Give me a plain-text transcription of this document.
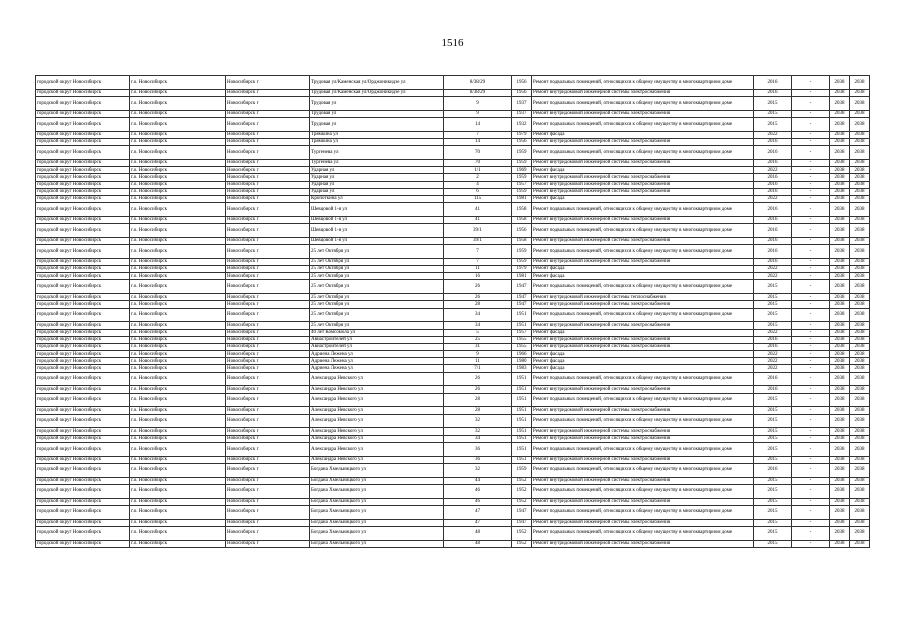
1516
городской округ Новосибирск	г.о. Новосибирск	Новосибирск г	Трудовая ул/Каменская ул/Орджоникидзе ул	8/38/29	1956	Ремонт подвальных помещений, относящихся к общему имуществу в многоквартирном доме	2016	-	2038	2038
городской округ Новосибирск	г.о. Новосибирск	Новосибирск г	Трудовая ул/Каменская ул/Орджоникидзе ул	8/38/29	1956	Ремонт внутридомовой инженерной системы электроснабжения	2016	-	2038	2038
городской округ Новосибирск	г.о. Новосибирск	Новосибирск г	Трудовая ул	9	1937	Ремонт подвальных помещений, относящихся к общему имуществу в многоквартирном доме	2015	-	2038	2038
городской округ Новосибирск	г.о. Новосибирск	Новосибирск г	Трудовая ул	9	1937	Ремонт внутридомовой инженерной системы электроснабжения	2015	-	2038	2038
городской округ Новосибирск	г.о. Новосибирск	Новосибирск г	Трудовая ул	14	1932	Ремонт подвальных помещений, относящихся к общему имуществу в многоквартирном доме	2015	-	2038	2038
городской округ Новосибирск	г.о. Новосибирск	Новосибирск г	Трямкина ул	7	1979	Ремонт фасада	2022	-	2038	2038
городской округ Новосибирск	г.о. Новосибирск	Новосибирск г	Трямкина ул	14	1956	Ремонт внутридомовой инженерной системы электроснабжения	2016	-	2038	2038
городской округ Новосибирск	г.о. Новосибирск	Новосибирск г	Тургенева ул	70	1959	Ремонт подвальных помещений, относящихся к общему имуществу в многоквартирном доме	2016	-	2038	2038
городской округ Новосибирск	г.о. Новосибирск	Новосибирск г	Тургенева ул	70	1959	Ремонт внутридомовой инженерной системы электроснабжения	2016	-	2038	2038
городской округ Новосибирск	г.о. Новосибирск	Новосибирск г	Ударная ул	1/1	1969	Ремонт фасада	2022	-	2038	2038
городской округ Новосибирск	г.о. Новосибирск	Новосибирск г	Ударная ул	2	1959	Ремонт внутридомовой инженерной системы электроснабжения	2016	-	2038	2038
городской округ Новосибирск	г.о. Новосибирск	Новосибирск г	Ударная ул	4	1957	Ремонт внутридомовой инженерной системы электроснабжения	2016	-	2038	2038
городской округ Новосибирск	г.о. Новосибирск	Новосибирск г	Ударная ул	6	1959	Ремонт внутридомовой инженерной системы электроснабжения	2016	-	2038	2038
городской округ Новосибирск	г.о. Новосибирск	Новосибирск г	Кропоткина ул	115	1981	Ремонт фасада	2022	-	2038	2038
городской округ Новосибирск	г.о. Новосибирск	Новосибирск г	Шевцовой 1-я ул	41	1958	Ремонт подвальных помещений, относящихся к общему имуществу в многоквартирном доме	2016	-	2038	2038
городской округ Новосибирск	г.о. Новосибирск	Новосибирск г	Шевцовой 1-я ул	41	1958	Ремонт внутридомовой инженерной системы электроснабжения	2016	-	2038	2038
городской округ Новосибирск	г.о. Новосибирск	Новосибирск г	Шевцовой 1-я ул	39/1	1956	Ремонт подвальных помещений, относящихся к общему имуществу в многоквартирном доме	2016	-	2038	2038
городской округ Новосибирск	г.о. Новосибирск	Новосибирск г	Шевцовой 1-я ул	39/1	1958	Ремонт внутридомовой инженерной системы электроснабжения	2016	-	2038	2038
городской округ Новосибирск	г.о. Новосибирск	Новосибирск г	25 лет Октября ул	7	1959	Ремонт подвальных помещений, относящихся к общему имуществу в многоквартирном доме	2016	-	2038	2038
городской округ Новосибирск	г.о. Новосибирск	Новосибирск г	25 лет Октября ул	7	1959	Ремонт внутридомовой инженерной системы электроснабжения	2016	-	2038	2038
городской округ Новосибирск	г.о. Новосибирск	Новосибирск г	25 лет Октября ул	11	1979	Ремонт фасада	2022	-	2038	2038
городской округ Новосибирск	г.о. Новосибирск	Новосибирск г	25 лет Октября ул	16	1981	Ремонт фасада	2022	-	2038	2038
городской округ Новосибирск	г.о. Новосибирск	Новосибирск г	25 лет Октября ул	26	1947	Ремонт подвальных помещений, относящихся к общему имуществу в многоквартирном доме	2015	-	2038	2038
городской округ Новосибирск	г.о. Новосибирск	Новосибирск г	25 лет Октября ул	26	1947	Ремонт внутридомовой инженерной системы теплоснабжения	2015	-	2038	2038
городской округ Новосибирск	г.о. Новосибирск	Новосибирск г	25 лет Октября ул	28	1947	Ремонт внутридомовой инженерной системы электроснабжения	2015	-	2038	2038
городской округ Новосибирск	г.о. Новосибирск	Новосибирск г	25 лет Октября ул	34	1951	Ремонт подвальных помещений, относящихся к общему имуществу в многоквартирном доме	2015	-	2038	2038
городской округ Новосибирск	г.о. Новосибирск	Новосибирск г	25 лет Октября ул	34	1951	Ремонт внутридомовой инженерной системы электроснабжения	2015	-	2038	2038
городской округ Новосибирск	г.о. Новосибирск	Новосибирск г	40 лет Комсомола ул	5	1957	Ремонт фасада	2022	-	2038	2038
городской округ Новосибирск	г.о. Новосибирск	Новосибирск г	Авиастроителей ул	25	1955	Ремонт внутридомовой инженерной системы электроснабжения	2016	-	2038	2038
городской округ Новосибирск	г.о. Новосибирск	Новосибирск г	Авиастроителей ул	31	1955	Ремонт внутридомовой инженерной системы электроснабжения	2016	-	2038	2038
городской округ Новосибирск	г.о. Новосибирск	Новосибирск г	Адриена Лежена ул	9	1966	Ремонт фасада	2022	-	2038	2038
городской округ Новосибирск	г.о. Новосибирск	Новосибирск г	Адриена Лежена ул	11	1980	Ремонт фасада	2022	-	2038	2038
городской округ Новосибирск	г.о. Новосибирск	Новосибирск г	Адриена Лежена ул	7/1	1983	Ремонт фасада	2022	-	2038	2038
городской округ Новосибирск	г.о. Новосибирск	Новосибирск г	Александра Невского ул	26	1951	Ремонт подвальных помещений, относящихся к общему имуществу в многоквартирном доме	2016	-	2038	2038
городской округ Новосибирск	г.о. Новосибирск	Новосибирск г	Александра Невского ул	26	1951	Ремонт внутридомовой инженерной системы электроснабжения	2016	-	2038	2038
городской округ Новосибирск	г.о. Новосибирск	Новосибирск г	Александра Невского ул	28	1951	Ремонт подвальных помещений, относящихся к общему имуществу в многоквартирном доме	2015	-	2038	2038
городской округ Новосибирск	г.о. Новосибирск	Новосибирск г	Александра Невского ул	28	1951	Ремонт внутридомовой инженерной системы электроснабжения	2015	-	2038	2038
городской округ Новосибирск	г.о. Новосибирск	Новосибирск г	Александра Невского ул	32	1951	Ремонт подвальных помещений, относящихся к общему имуществу в многоквартирном доме	2015	-	2038	2038
городской округ Новосибирск	г.о. Новосибирск	Новосибирск г	Александра Невского ул	32	1951	Ремонт внутридомовой инженерной системы электроснабжения	2015	-	2038	2038
городской округ Новосибирск	г.о. Новосибирск	Новосибирск г	Александра Невского ул	34	1951	Ремонт внутридомовой инженерной системы электроснабжения	2015	-	2038	2038
городской округ Новосибирск	г.о. Новосибирск	Новосибирск г	Александра Невского ул	36	1951	Ремонт подвальных помещений, относящихся к общему имуществу в многоквартирном доме	2015	-	2038	2038
городской округ Новосибирск	г.о. Новосибирск	Новосибирск г	Александра Невского ул	36	1951	Ремонт внутридомовой инженерной системы электроснабжения	2015	-	2038	2038
городской округ Новосибирск	г.о. Новосибирск	Новосибирск г	Богдана Хмельницкого ул	32	1959	Ремонт подвальных помещений, относящихся к общему имуществу в многоквартирном доме	2016	-	2038	2038
городской округ Новосибирск	г.о. Новосибирск	Новосибирск г	Богдана Хмельницкого ул	44	1952	Ремонт внутридомовой инженерной системы электроснабжения	2015	-	2038	2038
городской округ Новосибирск	г.о. Новосибирск	Новосибирск г	Богдана Хмельницкого ул	46	1952	Ремонт подвальных помещений, относящихся к общему имуществу в многоквартирном доме	2015	-	2038	2038
городской округ Новосибирск	г.о. Новосибирск	Новосибирск г	Богдана Хмельницкого ул	46	1952	Ремонт внутридомовой инженерной системы электроснабжения	2015	-	2038	2038
городской округ Новосибирск	г.о. Новосибирск	Новосибирск г	Богдана Хмельницкого ул	47	1947	Ремонт подвальных помещений, относящихся к общему имуществу в многоквартирном доме	2015	-	2038	2038
городской округ Новосибирск	г.о. Новосибирск	Новосибирск г	Богдана Хмельницкого ул	47	1947	Ремонт внутридомовой инженерной системы электроснабжения	2015	-	2038	2038
городской округ Новосибирск	г.о. Новосибирск	Новосибирск г	Богдана Хмельницкого ул	48	1952	Ремонт подвальных помещений, относящихся к общему имуществу в многоквартирном доме	2015	-	2038	2038
городской округ Новосибирск	г.о. Новосибирск	Новосибирск г	Богдана Хмельницкого ул	48	1952	Ремонт внутридомовой инженерной системы электроснабжения	2015	-	2038	2038
